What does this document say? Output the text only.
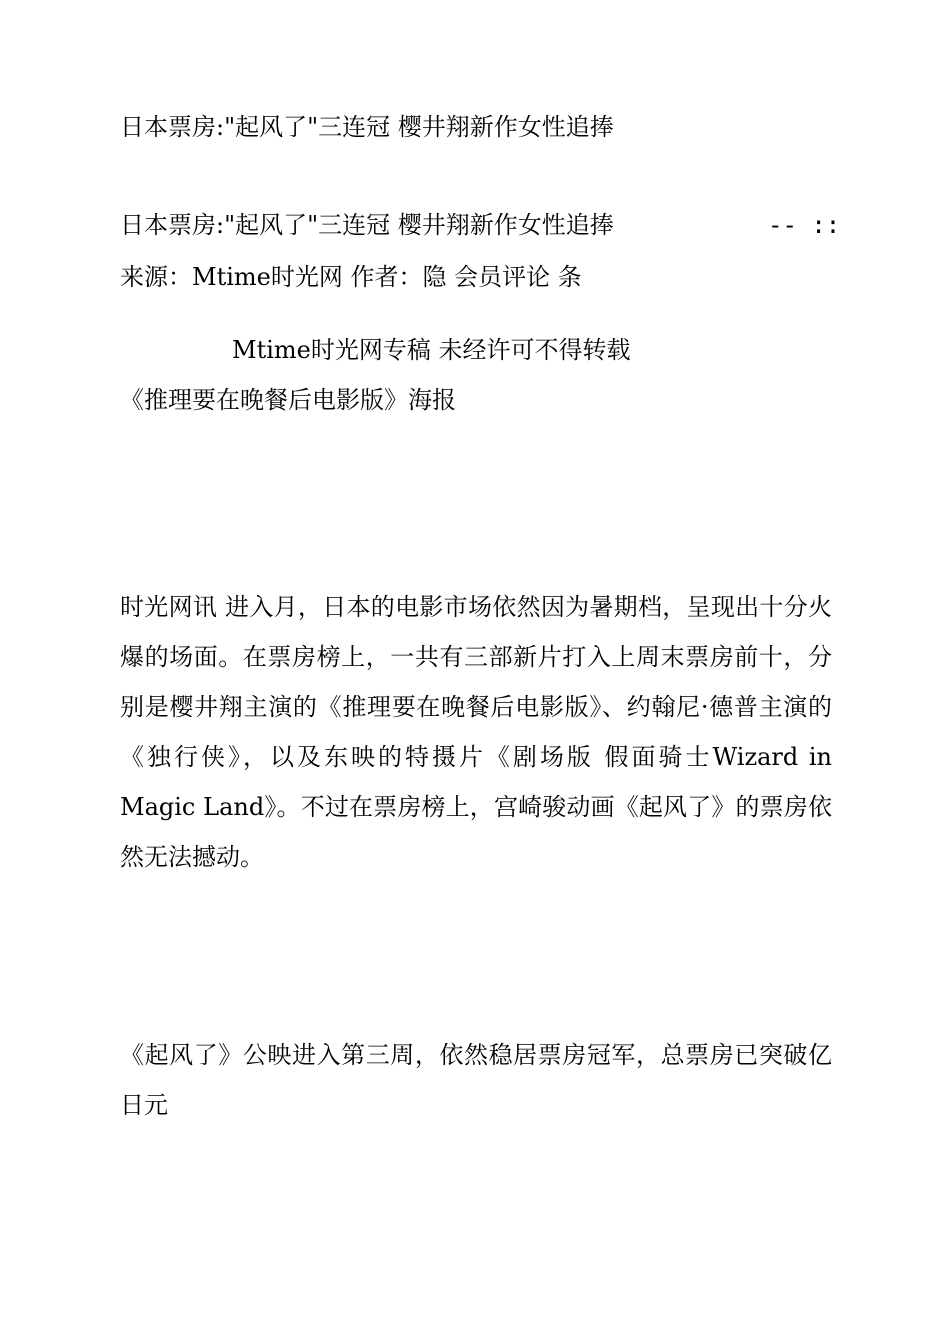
日本票房:"起风了"三连冠 樱井翔新作女性追捧
日本票房:"起风了"三连冠 樱井翔新作女性追捧	-- ::
来源：Mtime时光网 作者：隐 会员评论 条
Mtime时光网专稿 未经许可不得转载
《推理要在晚餐后电影版》海报

时光网讯 进入月，日本的电影市场依然因为暑期档，呈现出十分火爆的场面。在票房榜上，一共有三部新片打入上周末票房前十，分别是樱井翔主演的《推理要在晚餐后电影版》、约翰尼·德普主演的《独行侠》，以及东映的特摄片《剧场版 假面骑士Wizard in Magic Land》。不过在票房榜上，宫崎骏动画《起风了》的票房依然无法撼动。

《起风了》公映进入第三周，依然稳居票房冠军，总票房已突破亿日元
